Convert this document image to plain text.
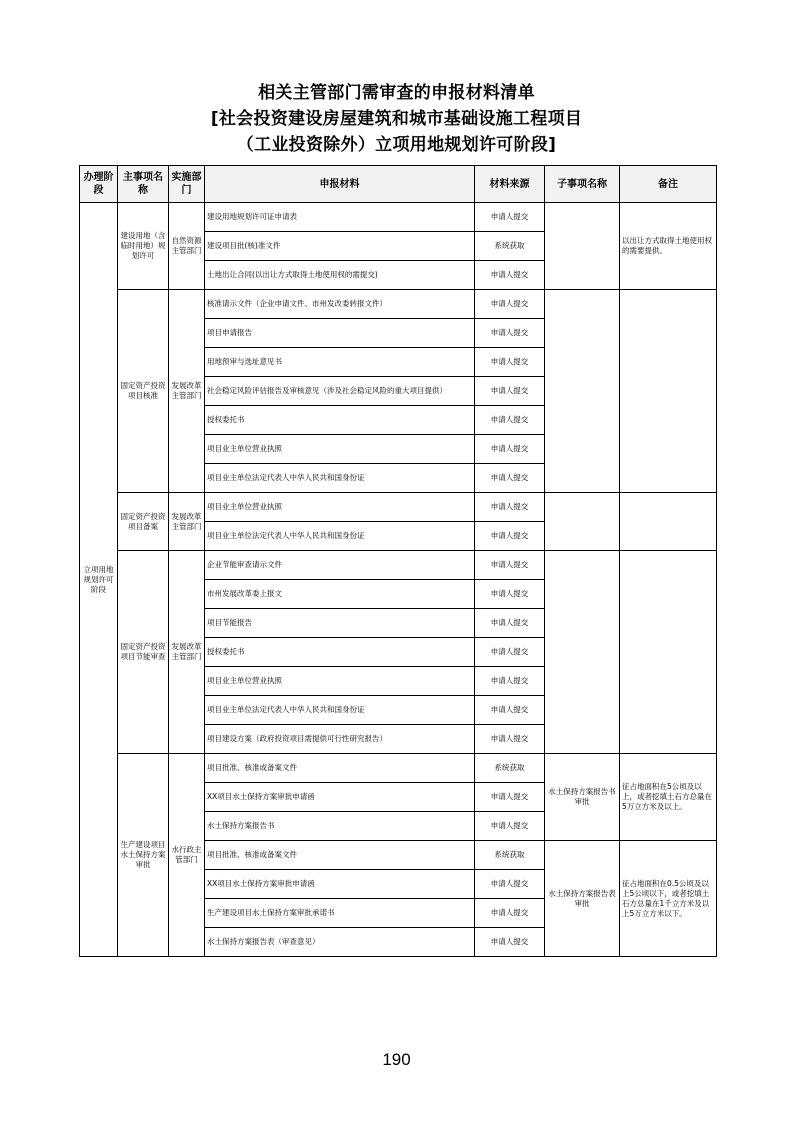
相关主管部门需审查的申报材料清单
[社会投资建设房屋建筑和城市基础设施工程项目
（工业投资除外）立项用地规划许可阶段]
办理阶段	主事项名称	实施部门	申报材料	材料来源	子事项名称	备注
立项用地规划许可阶段	建设用地（含临时用地）规划许可	自然资源主管部门	建设用地规划许可证申请表	申请人提交		以出让方式取得土地使用权的需要提供。
			建设项目批(核)准文件	系统获取		
			土地出让合同(以出让方式取得土地使用权的需提交)	申请人提交		
	固定资产投资项目核准	发展改革主管部门	核准请示文件（企业申请文件、市州发改委转报文件）	申请人提交		
			项目申请报告	申请人提交		
			用地预审与选址意见书	申请人提交		
			社会稳定风险评估报告及审核意见（涉及社会稳定风险的重大项目提供）	申请人提交		
			授权委托书	申请人提交		
			项目业主单位营业执照	申请人提交		
			项目业主单位法定代表人中华人民共和国身份证	申请人提交		
	固定资产投资项目备案	发展改革主管部门	项目业主单位营业执照	申请人提交		
			项目业主单位法定代表人中华人民共和国身份证	申请人提交		
	固定资产投资项目节能审查	发展改革主管部门	企业节能审查请示文件	申请人提交		
			市州发展改革委上报文	申请人提交		
			项目节能报告	申请人提交		
			授权委托书	申请人提交		
			项目业主单位营业执照	申请人提交		
			项目业主单位法定代表人中华人民共和国身份证	申请人提交		
			项目建设方案（政府投资项目需提供可行性研究报告）	申请人提交		
	生产建设项目水土保持方案审批	水行政主管部门	项目批准、核准或备案文件	系统获取	水土保持方案报告书审批	征占地面积在5公顷及以上，或者挖填土石方总量在5万立方米及以上。
			XX项目水土保持方案审批申请函	申请人提交		
			水土保持方案报告书	申请人提交		
			项目批准、核准或备案文件	系统获取	水土保持方案报告表审批	征占地面积在0.5公顷及以上5公顷以下，或者挖填土石方总量在1千立方米及以上5万立方米以下。
			XX项目水土保持方案审批申请函	申请人提交		
			生产建设项目水土保持方案审批承诺书	申请人提交		
			水土保持方案报告表（审查意见）	申请人提交		
190
